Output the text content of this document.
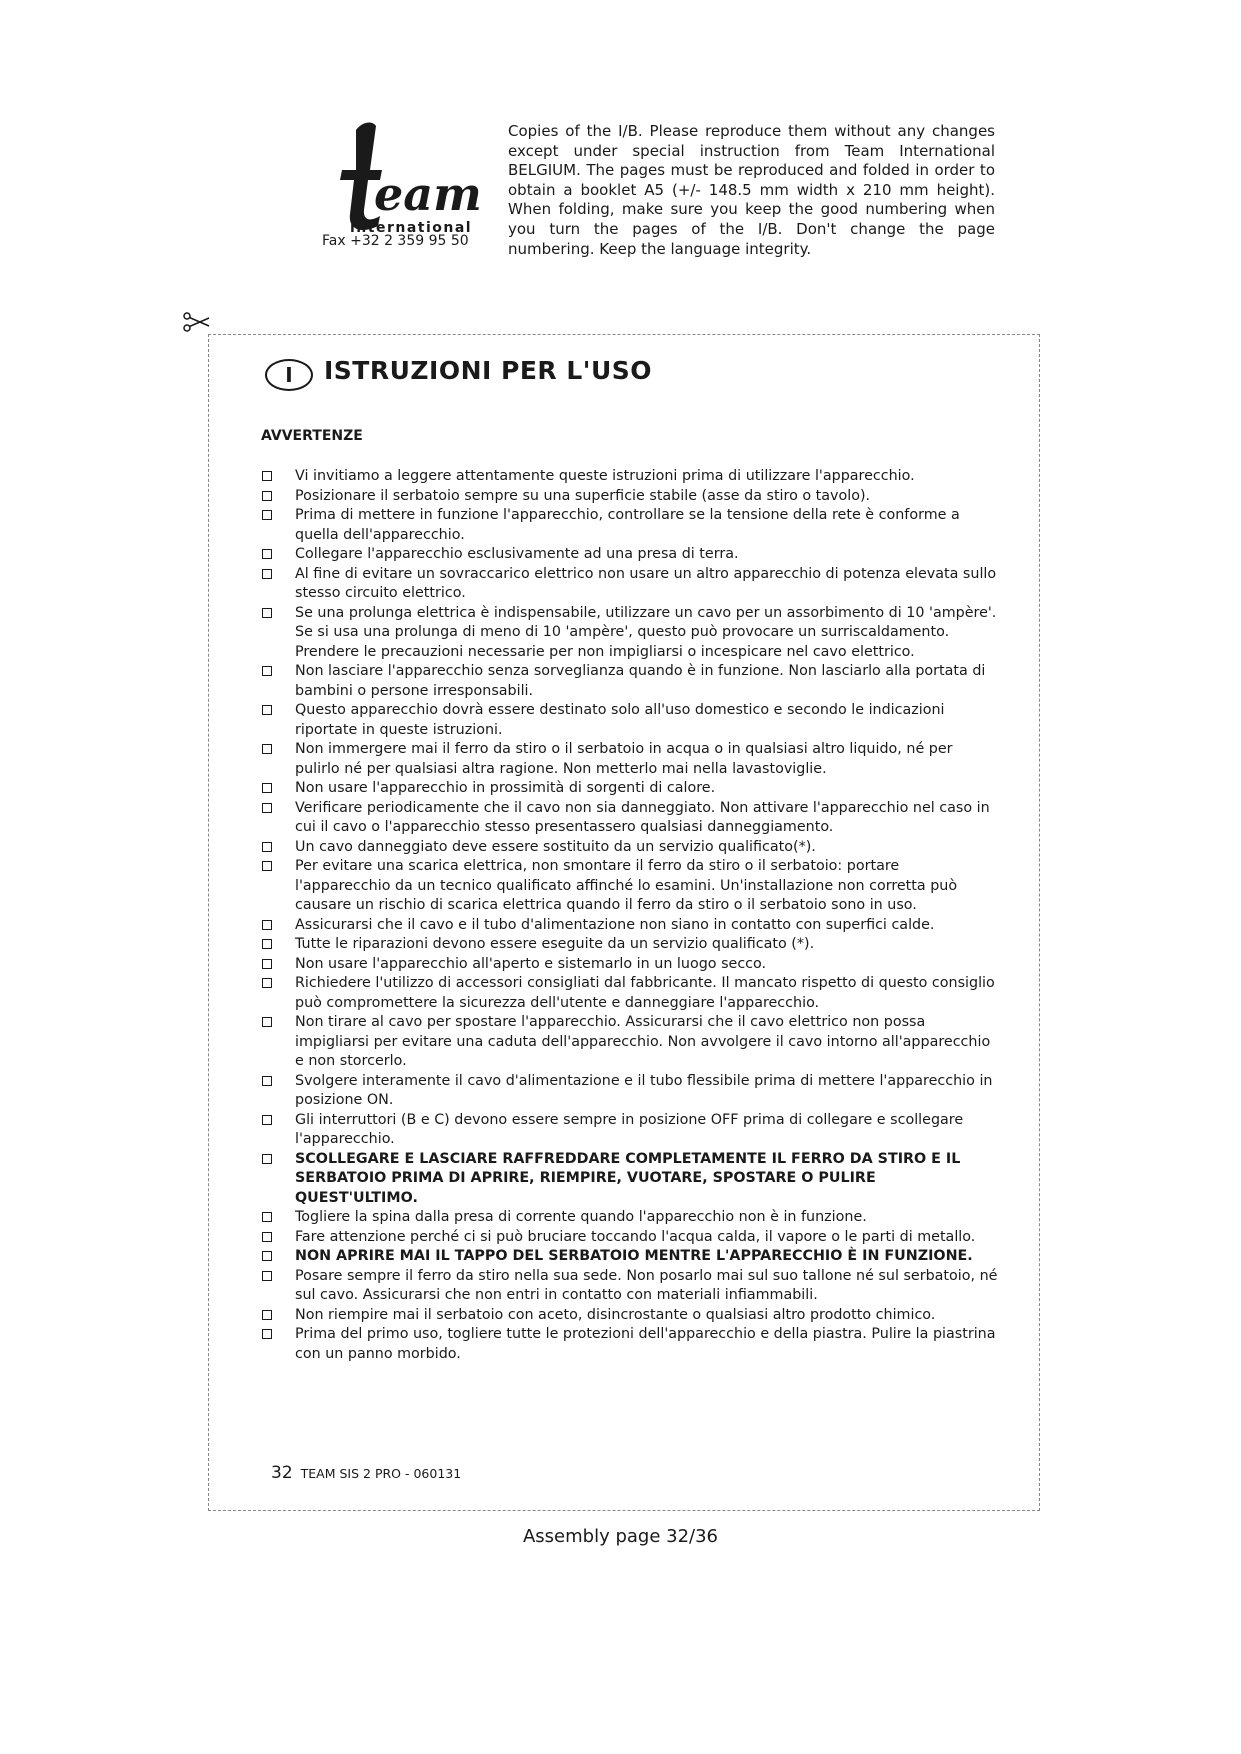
eam
international
Fax +32 2 359 95 50
Copies of the I/B. Please reproduce them without any changes except under special instruction from Team International BELGIUM. The pages must be reproduced and folded in order to obtain a booklet A5 (+/- 148.5 mm width x 210 mm height). When folding, make sure you keep the good numbering when you turn the pages of the I/B. Don't change the page numbering. Keep the language integrity.
I	ISTRUZIONI PER L'USO
AVVERTENZE
Vi invitiamo a leggere attentamente queste istruzioni prima di utilizzare l'apparecchio.
Posizionare il serbatoio sempre su una superficie stabile (asse da stiro o tavolo).
Prima di mettere in funzione l'apparecchio, controllare se la tensione della rete è conforme a quella dell'apparecchio.
Collegare l'apparecchio esclusivamente ad una presa di terra.
Al fine di evitare un sovraccarico elettrico non usare un altro apparecchio di potenza elevata sullo stesso circuito elettrico.
Se una prolunga elettrica è indispensabile, utilizzare un cavo per un assorbimento di 10 'ampère'. Se si usa una prolunga di meno di 10 'ampère', questo può provocare un surriscaldamento. Prendere le precauzioni necessarie per non impigliarsi o incespicare nel cavo elettrico.
Non lasciare l'apparecchio senza sorveglianza quando è in funzione. Non lasciarlo alla portata di bambini o persone irresponsabili.
Questo apparecchio dovrà essere destinato solo all'uso domestico e secondo le indicazioni riportate in queste istruzioni.
Non immergere mai il ferro da stiro o il serbatoio in acqua o in qualsiasi altro liquido, né per pulirlo né per qualsiasi altra ragione. Non metterlo mai nella lavastoviglie.
Non usare l'apparecchio in prossimità di sorgenti di calore.
Verificare periodicamente che il cavo non sia danneggiato. Non attivare l'apparecchio nel caso in cui il cavo o l'apparecchio stesso presentassero qualsiasi danneggiamento.
Un cavo danneggiato deve essere sostituito da un servizio qualificato(*).
Per evitare una scarica elettrica, non smontare il ferro da stiro o il serbatoio: portare l'apparecchio da un tecnico qualificato affinché lo esamini. Un'installazione non corretta può causare un rischio di scarica elettrica quando il ferro da stiro o il serbatoio sono in uso.
Assicurarsi che il cavo e il tubo d'alimentazione non siano in contatto con superfici calde.
Tutte le riparazioni devono essere eseguite da un servizio qualificato (*).
Non usare l'apparecchio all'aperto e sistemarlo in un luogo secco.
Richiedere l'utilizzo di accessori consigliati dal fabbricante. Il mancato rispetto di questo consiglio può compromettere la sicurezza dell'utente e danneggiare l'apparecchio.
Non tirare al cavo per spostare l'apparecchio. Assicurarsi che il cavo elettrico non possa impigliarsi per evitare una caduta dell'apparecchio. Non avvolgere il cavo intorno all'apparecchio e non storcerlo.
Svolgere interamente il cavo d'alimentazione e il tubo flessibile prima di mettere l'apparecchio in posizione ON.
Gli interruttori (B e C) devono essere sempre in posizione OFF prima di collegare e scollegare l'apparecchio.
SCOLLEGARE E LASCIARE RAFFREDDARE COMPLETAMENTE IL FERRO DA STIRO E IL SERBATOIO PRIMA DI APRIRE, RIEMPIRE, VUOTARE, SPOSTARE O PULIRE QUEST'ULTIMO.
Togliere la spina dalla presa di corrente quando l'apparecchio non è in funzione.
Fare attenzione perché ci si può bruciare toccando l'acqua calda, il vapore o le parti di metallo.
NON APRIRE MAI IL TAPPO DEL SERBATOIO MENTRE L'APPARECCHIO È IN FUNZIONE.
Posare sempre il ferro da stiro nella sua sede. Non posarlo mai sul suo tallone né sul serbatoio, né sul cavo. Assicurarsi che non entri in contatto con materiali infiammabili.
Non riempire mai il serbatoio con aceto, disincrostante o qualsiasi altro prodotto chimico.
Prima del primo uso, togliere tutte le protezioni dell'apparecchio e della piastra. Pulire la piastrina con un panno morbido.
32 TEAM SIS 2 PRO - 060131
Assembly page 32/36
